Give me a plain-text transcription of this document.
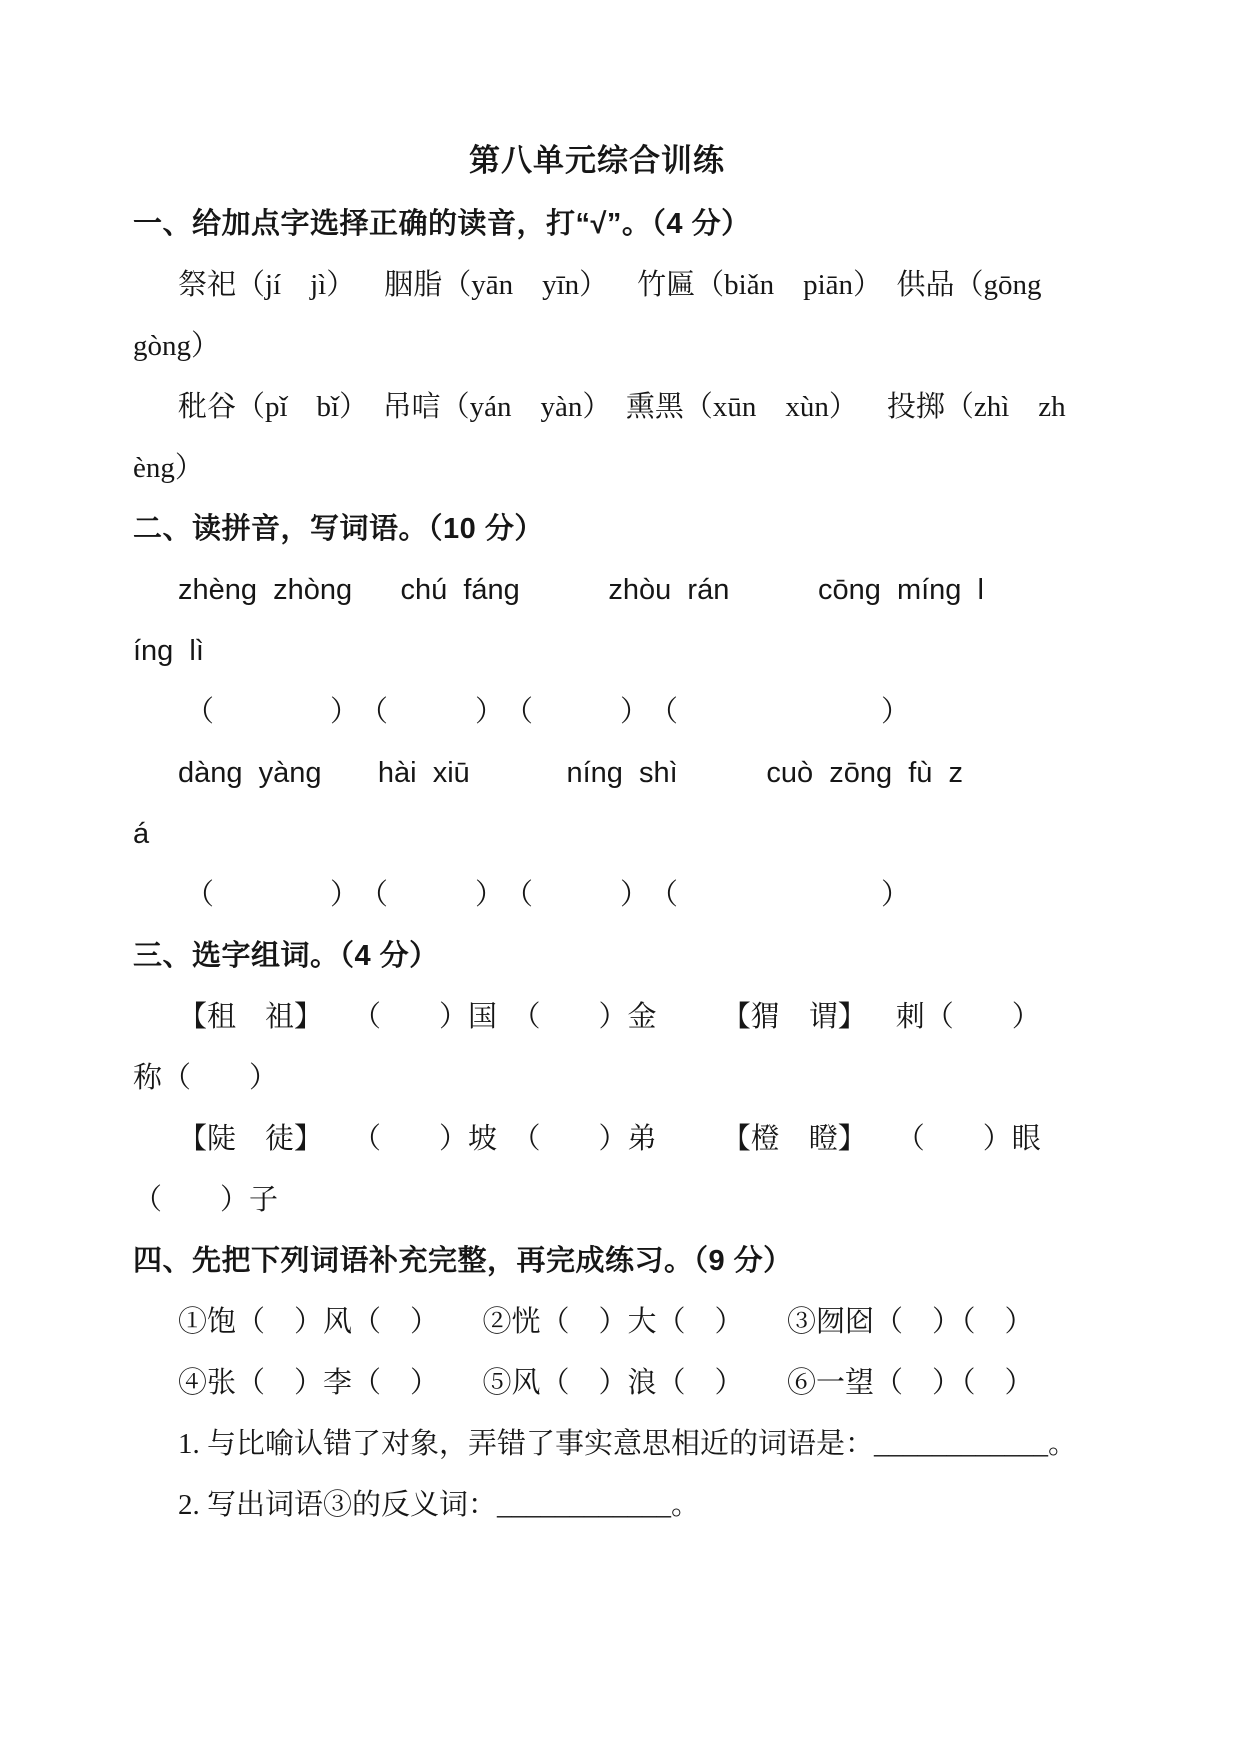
第八单元综合训练
一、给加点字选择正确的读音，打“√”。（4 分）
祭祀（jí　jì）　  胭脂（yān　yīn）　  竹匾（biǎn　piān）  供品（gōng
gòng）
秕谷（pǐ　bǐ）  吊唁（yán　yàn）  熏黑（xūn　xùn）　  投掷（zhì　zh
èng）
二、读拼音，写词语。（10 分）
zhèng  zhòng      chú  fáng           zhòu  rán           cōng  míng  l
íng  lì
（　　　　）　（　　　）　（　　　）　（　　　　　　　）
dàng  yàng       hài  xiū            níng  shì           cuò  zōng  fù  z
á
（　　　　）　（　　　）　（　　　）　（　　　　　　　）
三、选字组词。（4 分）
【租　祖】　  （　　）国　（　　）金　　 【猬　谓】　  刺（　　）
称（　　）
【陡　徒】　  （　　）坡　（　　）弟　　 【橙　瞪】　  （　　）眼
（　　）子
四、先把下列词语补充完整，再完成练习。（9 分）
①饱（　）风（　）　　②恍（　）大（　）　　③囫囵（　）（　）
④张（　）李（　）　　⑤风（　）浪（　）　　⑥一望（　）（　）
1. 与比喻认错了对象，弄错了事实意思相近的词语是：____________。
2. 写出词语③的反义词：____________。
